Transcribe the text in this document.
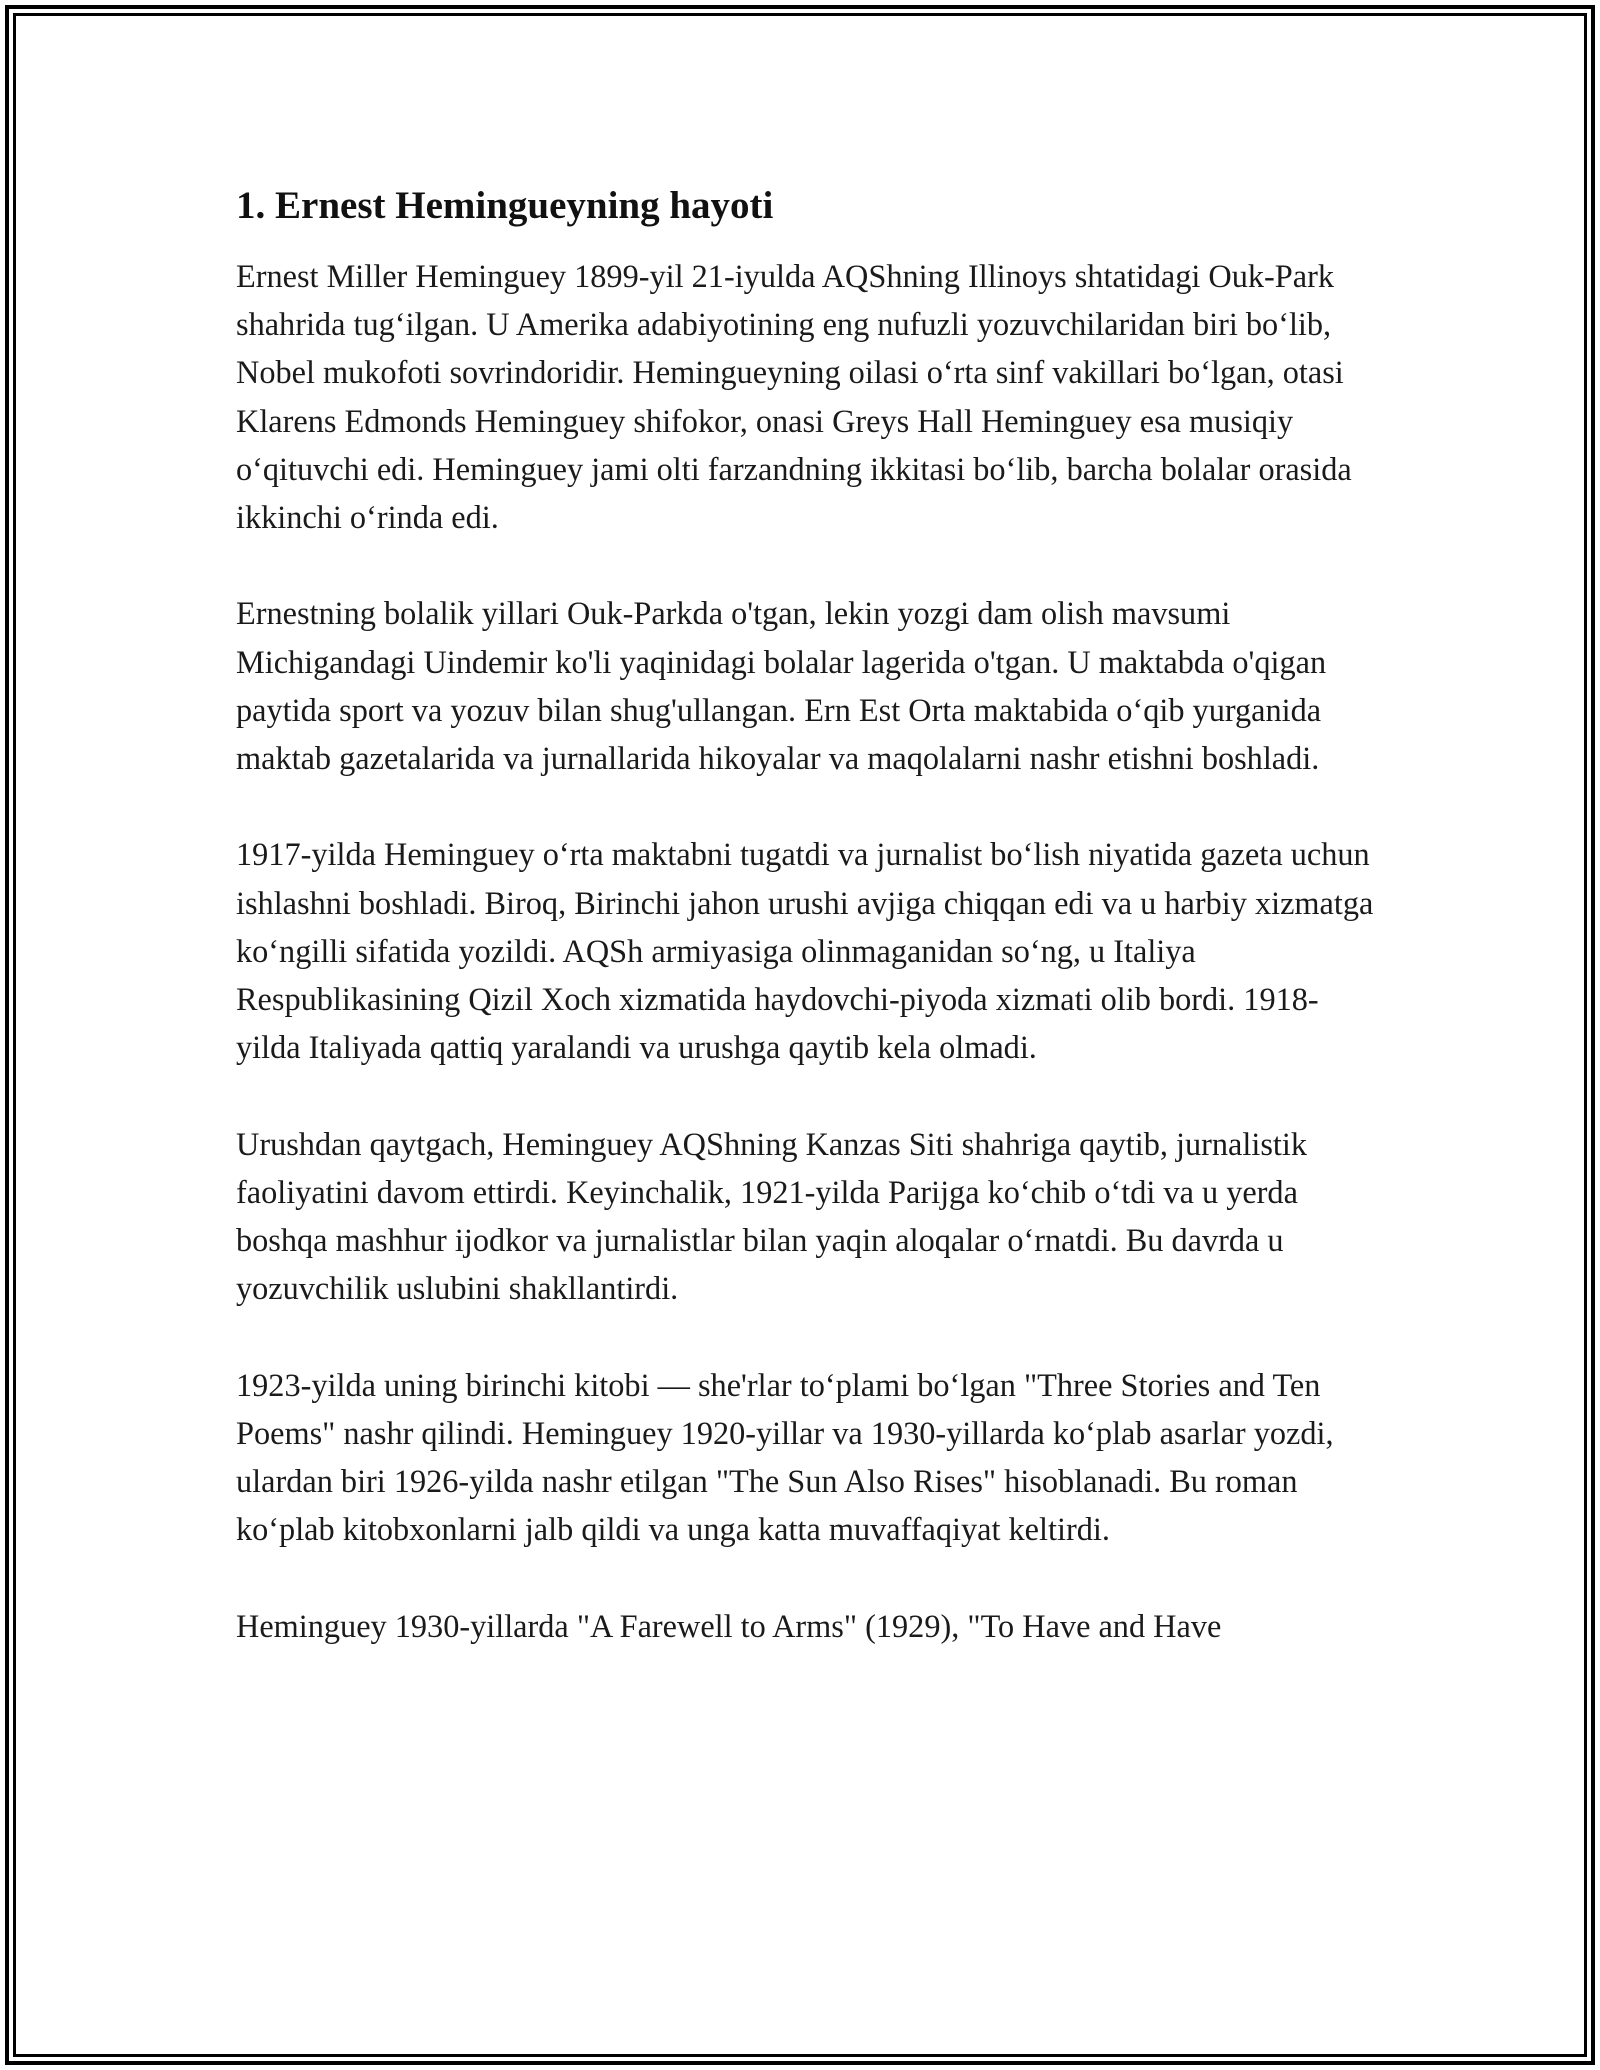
1. Ernest Hemingueyning hayoti

Ernest Miller Heminguey 1899-yil 21-iyulda AQShning Illinoys shtatidagi Ouk-Park shahrida tug‘ilgan. U Amerika adabiyotining eng nufuzli yozuvchilaridan biri bo‘lib, Nobel mukofoti sovrindoridir. Hemingueyning oilasi o‘rta sinf vakillari bo‘lgan, otasi Klarens Edmonds Heminguey shifokor, onasi Greys Hall Heminguey esa musiqiy o‘qituvchi edi. Heminguey jami olti farzandning ikkitasi bo‘lib, barcha bolalar orasida ikkinchi o‘rinda edi.

Ernestning bolalik yillari Ouk-Parkda o'tgan, lekin yozgi dam olish mavsumi Michigandagi Uindemir ko'li yaqinidagi bolalar lagerida o'tgan. U maktabda o'qigan paytida sport va yozuv bilan shug'ullangan. Ern Est Orta maktabida o‘qib yurganida maktab gazetalarida va jurnallarida hikoyalar va maqolalarni nashr etishni boshladi.

1917-yilda Heminguey o‘rta maktabni tugatdi va jurnalist bo‘lish niyatida gazeta uchun ishlashni boshladi. Biroq, Birinchi jahon urushi avjiga chiqqan edi va u harbiy xizmatga ko‘ngilli sifatida yozildi. AQSh armiyasiga olinmaganidan so‘ng, u Italiya Respublikasining Qizil Xoch xizmatida haydovchi-piyoda xizmati olib bordi. 1918-yilda Italiyada qattiq yaralandi va urushga qaytib kela olmadi.

Urushdan qaytgach, Heminguey AQShning Kanzas Siti shahriga qaytib, jurnalistik faoliyatini davom ettirdi. Keyinchalik, 1921-yilda Parijga ko‘chib o‘tdi va u yerda boshqa mashhur ijodkor va jurnalistlar bilan yaqin aloqalar o‘rnatdi. Bu davrda u yozuvchilik uslubini shakllantirdi.

1923-yilda uning birinchi kitobi — she'rlar to‘plami bo‘lgan "Three Stories and Ten Poems" nashr qilindi. Heminguey 1920-yillar va 1930-yillarda ko‘plab asarlar yozdi, ulardan biri 1926-yilda nashr etilgan "The Sun Also Rises" hisoblanadi. Bu roman ko‘plab kitobxonlarni jalb qildi va unga katta muvaffaqiyat keltirdi.

Heminguey 1930-yillarda "A Farewell to Arms" (1929), "To Have and Have
